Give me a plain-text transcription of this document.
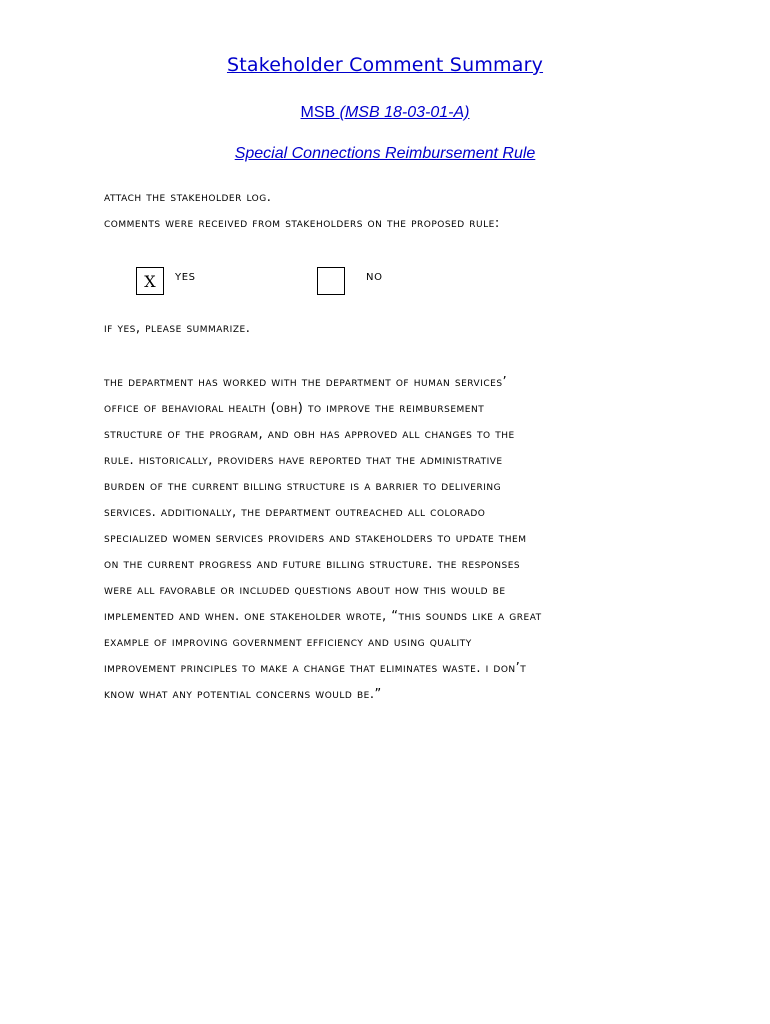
Stakeholder Comment Summary
MSB (MSB 18-03-01-A)
Special Connections Reimbursement Rule
attach the stakeholder log.
comments were received from stakeholders on the proposed rule:
X	yes	no
if yes, please summarize.
the department has worked with the department of human services’
office of behavioral health (obh) to improve the reimbursement
structure of the program, and obh has approved all changes to the
rule. historically, providers have reported that the administrative
burden of the current billing structure is a barrier to delivering
services. additionally, the department outreached all colorado
specialized women services providers and stakeholders to update them
on the current progress and future billing structure. the responses
were all favorable or included questions about how this would be
implemented and when. one stakeholder wrote, “this sounds like a great
example of improving government efficiency and using quality
improvement principles to make a change that eliminates waste. i don’t
know what any potential concerns would be.”
